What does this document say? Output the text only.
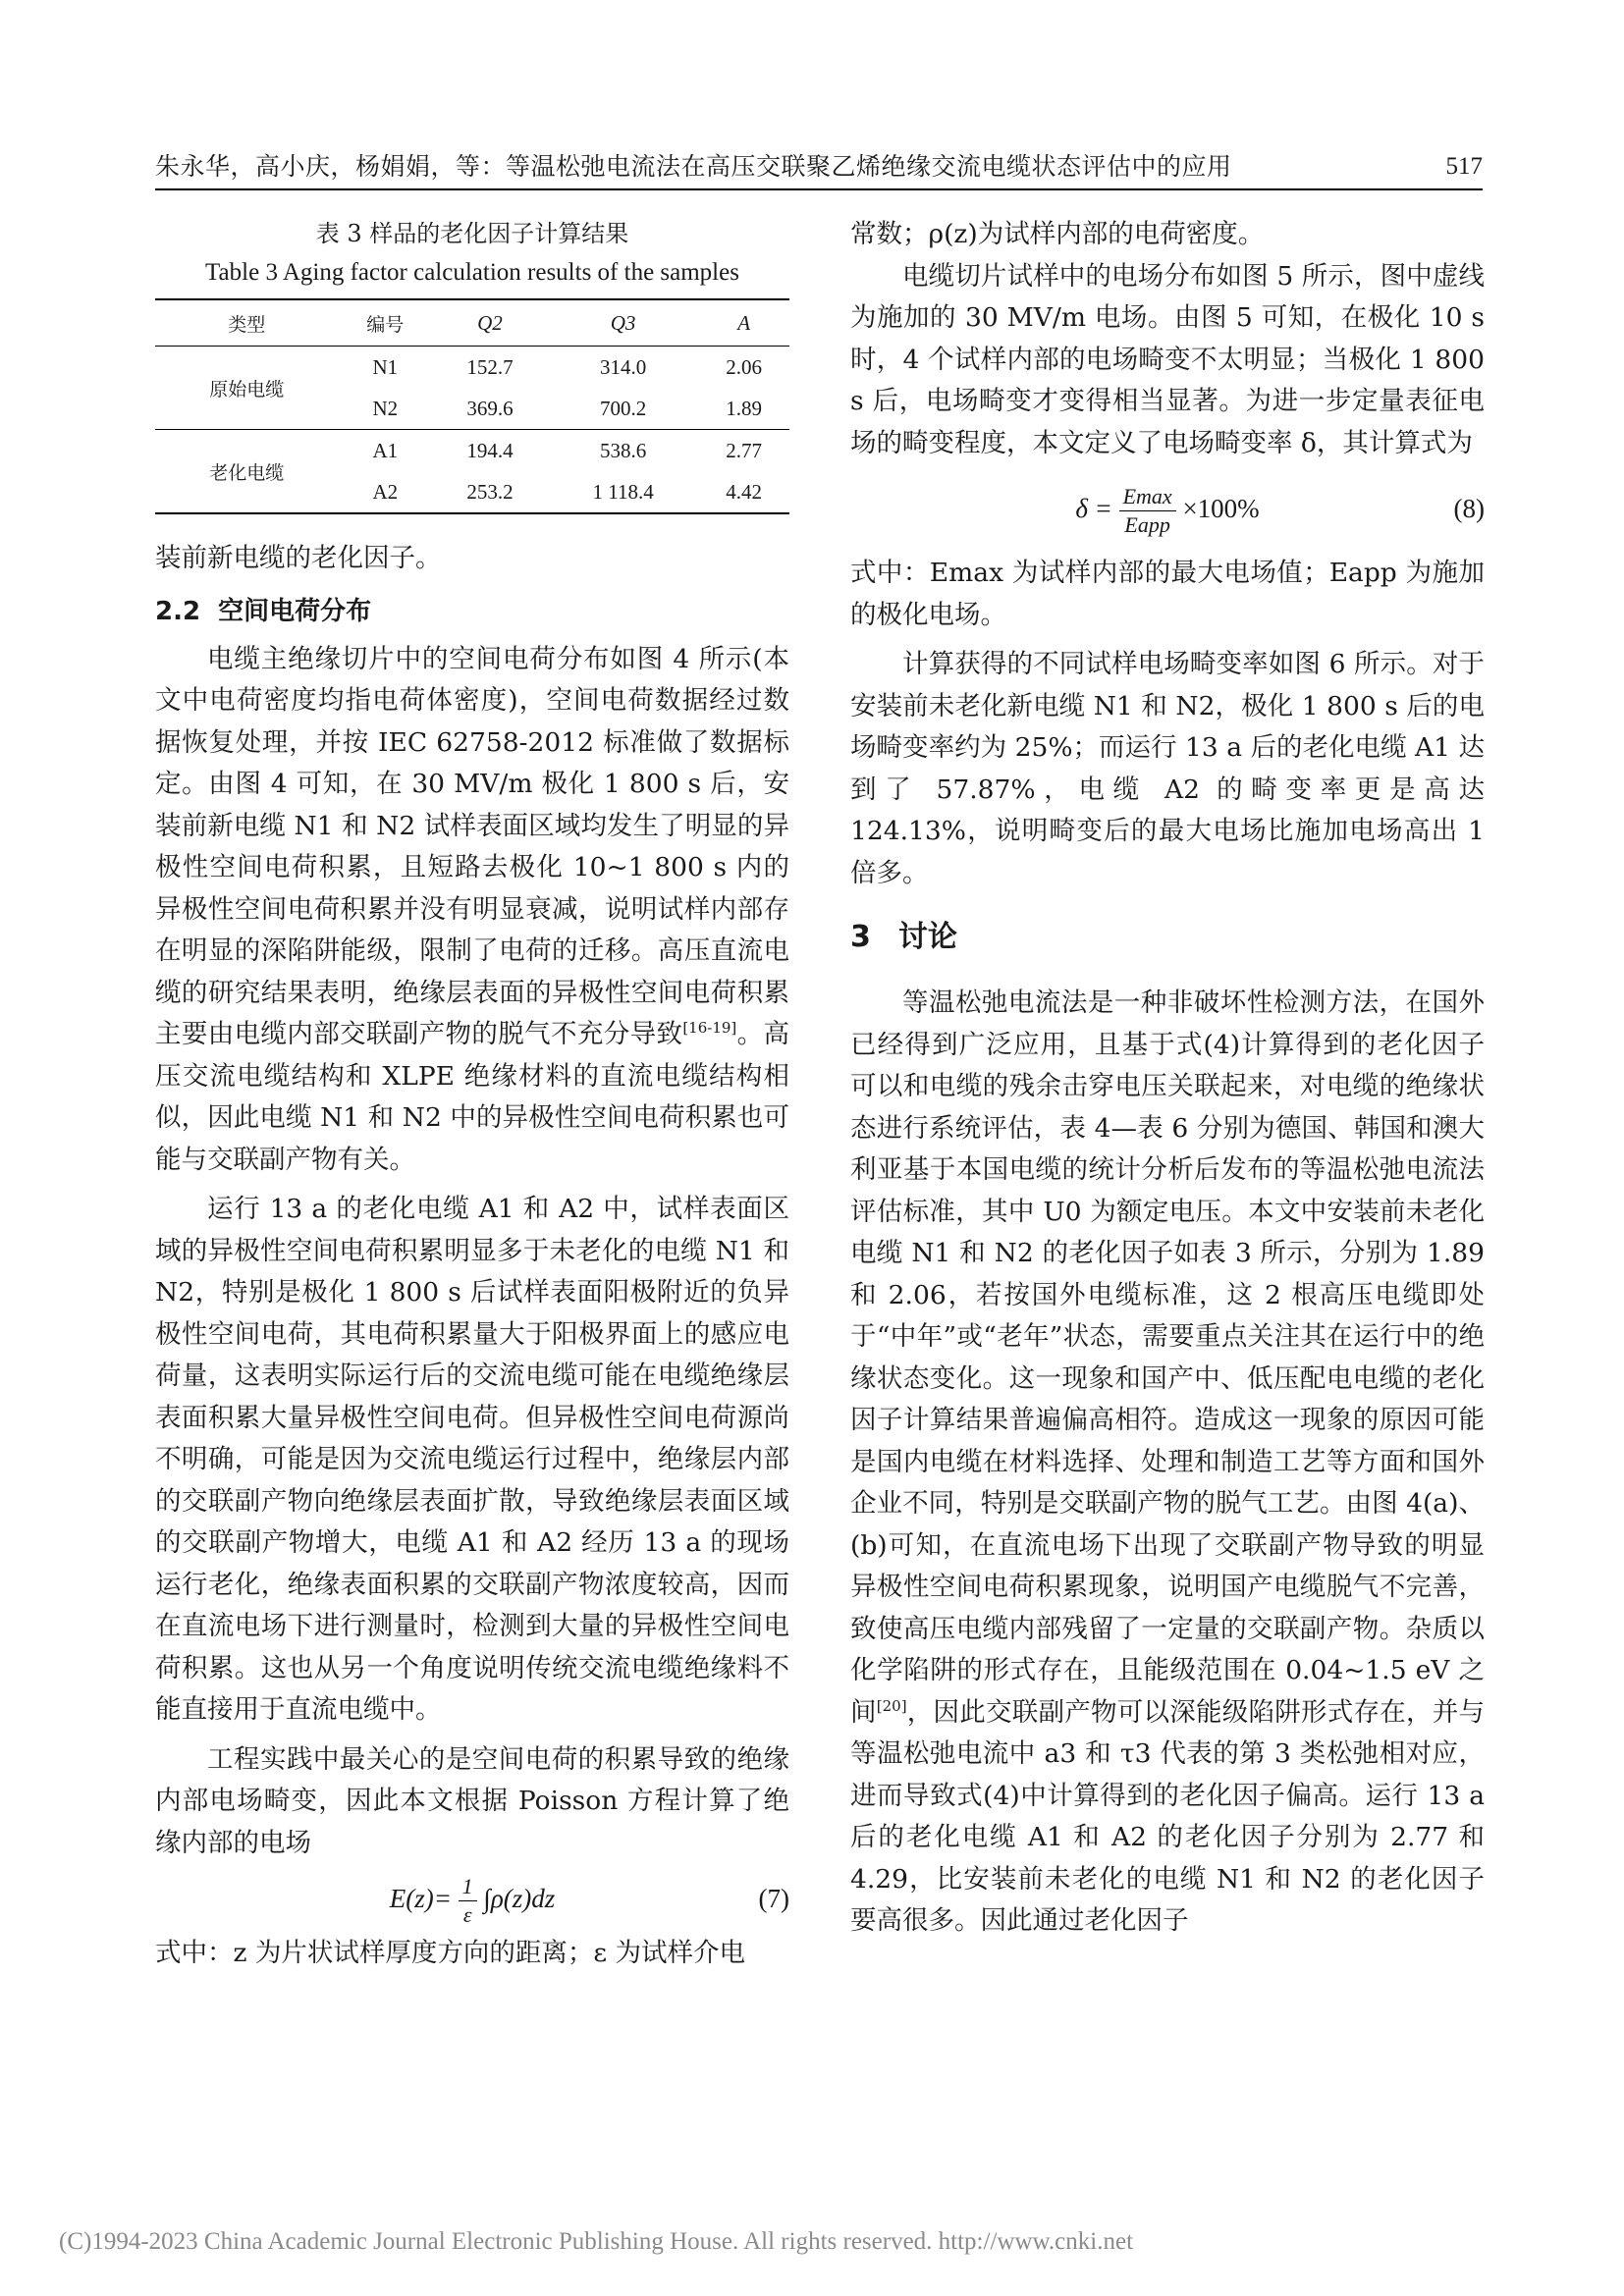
朱永华，高小庆，杨娟娟，等：等温松弛电流法在高压交联聚乙烯绝缘交流电缆状态评估中的应用	517

表 3 样品的老化因子计算结果

Table 3 Aging factor calculation results of the samples

类型	编号	Q2	Q3	A
原始电缆	N1	152.7	314.0	2.06
	N2	369.6	700.2	1.89
老化电缆	A1	194.4	538.6	2.77
	A2	253.2	1 118.4	4.42

装前新电缆的老化因子。

2.2 空间电荷分布

电缆主绝缘切片中的空间电荷分布如图 4 所示(本文中电荷密度均指电荷体密度)，空间电荷数据经过数据恢复处理，并按 IEC 62758-2012 标准做了数据标定。由图 4 可知，在 30 MV/m 极化 1 800 s 后，安装前新电缆 N1 和 N2 试样表面区域均发生了明显的异极性空间电荷积累，且短路去极化 10~1 800 s 内的异极性空间电荷积累并没有明显衰减，说明试样内部存在明显的深陷阱能级，限制了电荷的迁移。高压直流电缆的研究结果表明，绝缘层表面的异极性空间电荷积累主要由电缆内部交联副产物的脱气不充分导致[16-19]。高压交流电缆结构和 XLPE 绝缘材料的直流电缆结构相似，因此电缆 N1 和 N2 中的异极性空间电荷积累也可能与交联副产物有关。

运行 13 a 的老化电缆 A1 和 A2 中，试样表面区域的异极性空间电荷积累明显多于未老化的电缆 N1 和 N2，特别是极化 1 800 s 后试样表面阳极附近的负异极性空间电荷，其电荷积累量大于阳极界面上的感应电荷量，这表明实际运行后的交流电缆可能在电缆绝缘层表面积累大量异极性空间电荷。但异极性空间电荷源尚不明确，可能是因为交流电缆运行过程中，绝缘层内部的交联副产物向绝缘层表面扩散，导致绝缘层表面区域的交联副产物增大，电缆 A1 和 A2 经历 13 a 的现场运行老化，绝缘表面积累的交联副产物浓度较高，因而在直流电场下进行测量时，检测到大量的异极性空间电荷积累。这也从另一个角度说明传统交流电缆绝缘料不能直接用于直流电缆中。

工程实践中最关心的是空间电荷的积累导致的绝缘内部电场畸变，因此本文根据 Poisson 方程计算了绝缘内部的电场

$E(z)= \frac{1}{\varepsilon} \int\rho(z)dz$	(7)

式中：z 为片状试样厚度方向的距离；ε 为试样介电

常数；ρ(z)为试样内部的电荷密度。

电缆切片试样中的电场分布如图 5 所示，图中虚线为施加的 30 MV/m 电场。由图 5 可知，在极化 10 s 时，4 个试样内部的电场畸变不太明显；当极化 1 800 s 后，电场畸变才变得相当显著。为进一步定量表征电场的畸变程度，本文定义了电场畸变率 δ，其计算式为

$\delta = \frac{Emax}{\text{Eapp}} \times 100\%$	(8)

式中：Emax 为试样内部的最大电场值；Eapp 为施加的极化电场。

计算获得的不同试样电场畸变率如图 6 所示。对于安装前未老化新电缆 N1 和 N2，极化 1 800 s 后的电场畸变率约为 25%；而运行 13 a 后的老化电缆 A1 达到了 57.87%，电缆 A2 的畸变率更是高达 124.13%，说明畸变后的最大电场比施加电场高出 1 倍多。

3 讨论

等温松弛电流法是一种非破坏性检测方法，在国外已经得到广泛应用，且基于式(4)计算得到的老化因子可以和电缆的残余击穿电压关联起来，对电缆的绝缘状态进行系统评估，表 4—表 6 分别为德国、韩国和澳大利亚基于本国电缆的统计分析后发布的等温松弛电流法评估标准，其中 U0 为额定电压。本文中安装前未老化电缆 N1 和 N2 的老化因子如表 3 所示，分别为 1.89 和 2.06，若按国外电缆标准，这 2 根高压电缆即处于“中年”或“老年”状态，需要重点关注其在运行中的绝缘状态变化。这一现象和国产中、低压配电电缆的老化因子计算结果普遍偏高相符。造成这一现象的原因可能是国内电缆在材料选择、处理和制造工艺等方面和国外企业不同，特别是交联副产物的脱气工艺。由图 4(a)、(b)可知，在直流电场下出现了交联副产物导致的明显异极性空间电荷积累现象，说明国产电缆脱气不完善，致使高压电缆内部残留了一定量的交联副产物。杂质以化学陷阱的形式存在，且能级范围在 0.04~1.5 eV 之间[20]，因此交联副产物可以深能级陷阱形式存在，并与等温松弛电流中 a3 和 τ3 代表的第 3 类松弛相对应，进而导致式(4)中计算得到的老化因子偏高。运行 13 a 后的老化电缆 A1 和 A2 的老化因子分别为 2.77 和 4.29，比安装前未老化的电缆 N1 和 N2 的老化因子要高很多。因此通过老化因子

(C)1994-2023 China Academic Journal Electronic Publishing House. All rights reserved. http://www.cnki.net
